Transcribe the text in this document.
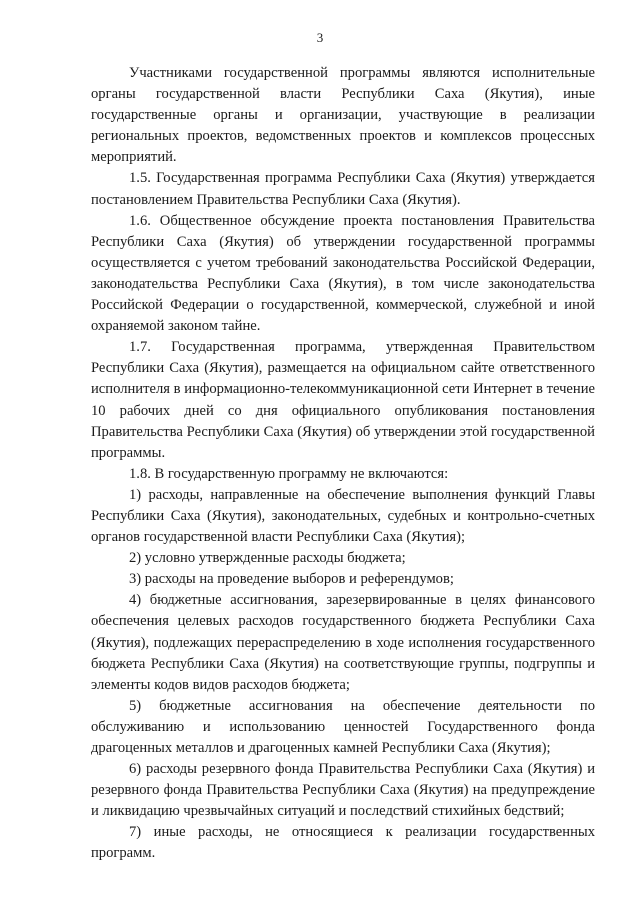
3

Участниками государственной программы являются исполнительные органы государственной власти Республики Саха (Якутия), иные государственные органы и организации, участвующие в реализации региональных проектов, ведомственных проектов и комплексов процессных мероприятий.

1.5. Государственная программа Республики Саха (Якутия) утверждается постановлением Правительства Республики Саха (Якутия).

1.6. Общественное обсуждение проекта постановления Правительства Республики Саха (Якутия) об утверждении государственной программы осуществляется с учетом требований законодательства Российской Федерации, законодательства Республики Саха (Якутия), в том числе законодательства Российской Федерации о государственной, коммерческой, служебной и иной охраняемой законом тайне.

1.7. Государственная программа, утвержденная Правительством Республики Саха (Якутия), размещается на официальном сайте ответственного исполнителя в информационно-телекоммуникационной сети Интернет в течение 10 рабочих дней со дня официального опубликования постановления Правительства Республики Саха (Якутия) об утверждении этой государственной программы.

1.8. В государственную программу не включаются:

1) расходы, направленные на обеспечение выполнения функций Главы Республики Саха (Якутия), законодательных, судебных и контрольно-счетных органов государственной власти Республики Саха (Якутия);

2) условно утвержденные расходы бюджета;

3) расходы на проведение выборов и референдумов;

4) бюджетные ассигнования, зарезервированные в целях финансового обеспечения целевых расходов государственного бюджета Республики Саха (Якутия), подлежащих перераспределению в ходе исполнения государственного бюджета Республики Саха (Якутия) на соответствующие группы, подгруппы и элементы кодов видов расходов бюджета;

5) бюджетные ассигнования на обеспечение деятельности по обслуживанию и использованию ценностей Государственного фонда драгоценных металлов и драгоценных камней Республики Саха (Якутия);

6) расходы резервного фонда Правительства Республики Саха (Якутия) и резервного фонда Правительства Республики Саха (Якутия) на предупреждение и ликвидацию чрезвычайных ситуаций и последствий стихийных бедствий;

7) иные расходы, не относящиеся к реализации государственных программ.
